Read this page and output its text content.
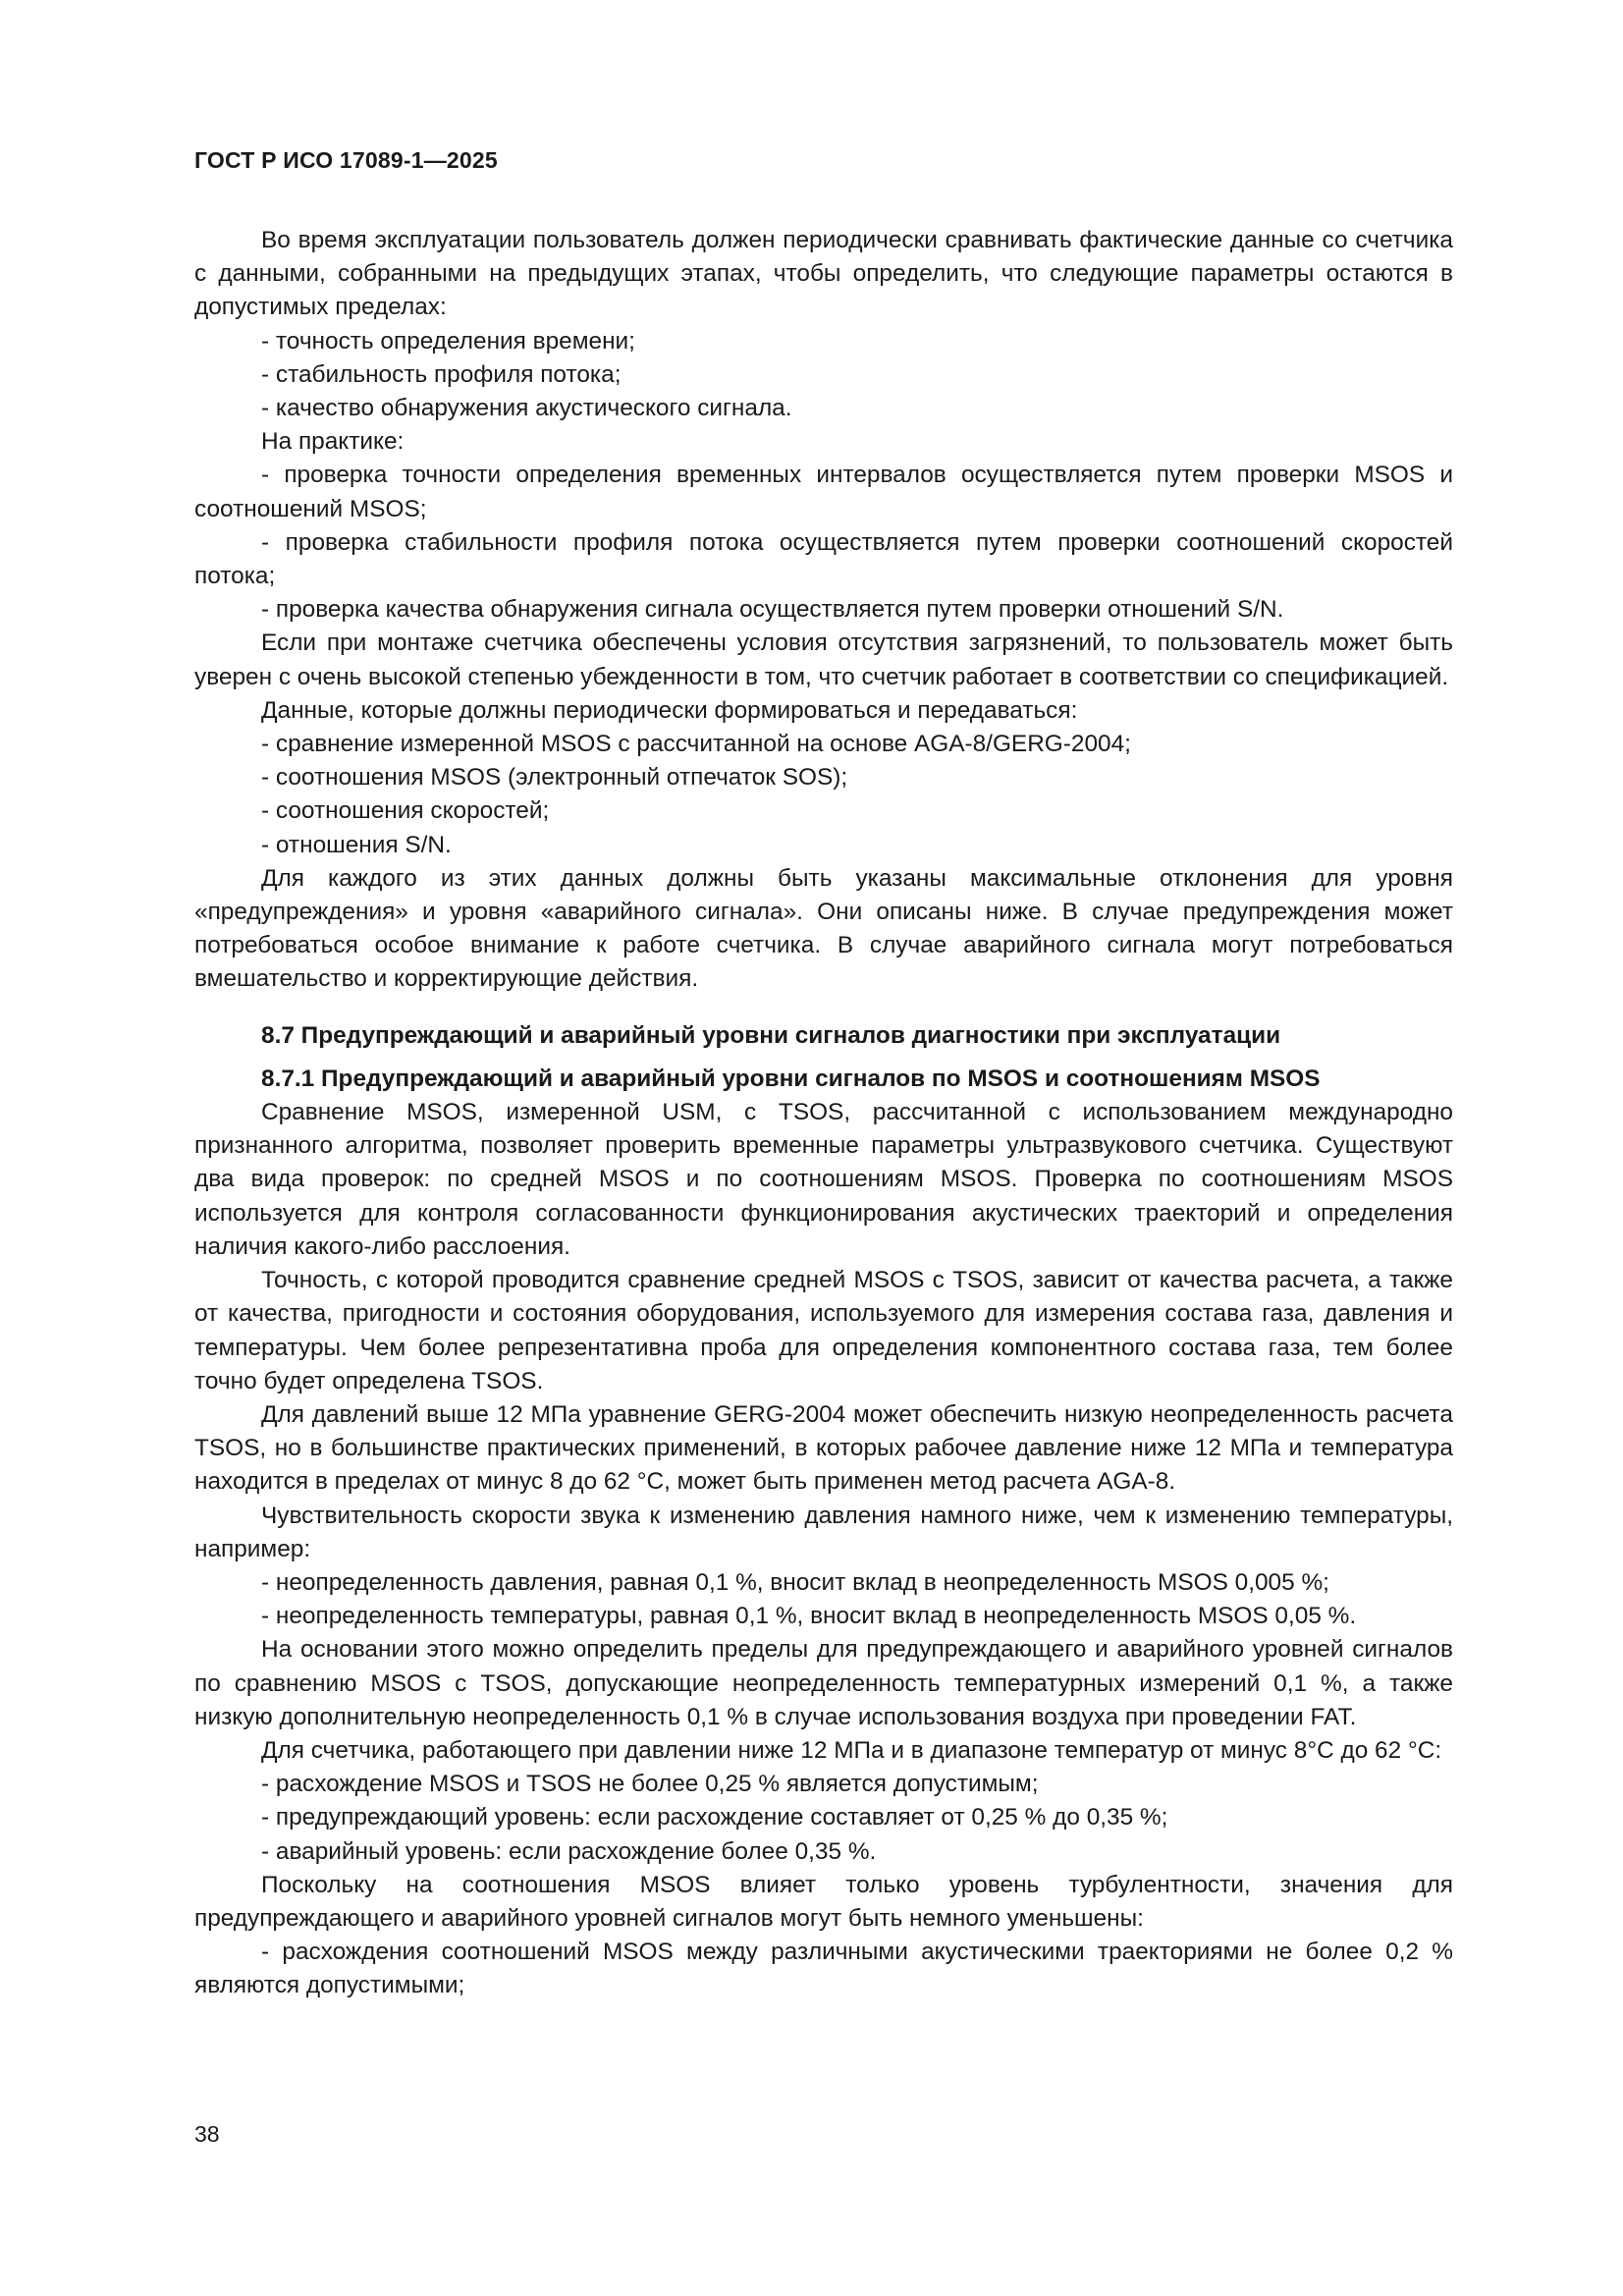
ГОСТ Р ИСО 17089-1—2025

Во время эксплуатации пользователь должен периодически сравнивать фактические данные со счетчика с данными, собранными на предыдущих этапах, чтобы определить, что следующие параметры остаются в допустимых пределах:

- точность определения времени;

- стабильность профиля потока;

- качество обнаружения акустического сигнала.

На практике:

- проверка точности определения временных интервалов осуществляется путем проверки MSOS и соотношений MSOS;

- проверка стабильности профиля потока осуществляется путем проверки соотношений скоростей потока;

- проверка качества обнаружения сигнала осуществляется путем проверки отношений S/N.

Если при монтаже счетчика обеспечены условия отсутствия загрязнений, то пользователь может быть уверен с очень высокой степенью убежденности в том, что счетчик работает в соответствии со спецификацией.

Данные, которые должны периодически формироваться и передаваться:

- сравнение измеренной MSOS с рассчитанной на основе AGA-8/GERG-2004;

- соотношения MSOS (электронный отпечаток SOS);

- соотношения скоростей;

- отношения S/N.

Для каждого из этих данных должны быть указаны максимальные отклонения для уровня «предупреждения» и уровня «аварийного сигнала». Они описаны ниже. В случае предупреждения может потребоваться особое внимание к работе счетчика. В случае аварийного сигнала могут потребоваться вмешательство и корректирующие действия.

8.7 Предупреждающий и аварийный уровни сигналов диагностики при эксплуатации

8.7.1 Предупреждающий и аварийный уровни сигналов по MSOS и соотношениям MSOS

Сравнение MSOS, измеренной USM, с TSOS, рассчитанной с использованием международно признанного алгоритма, позволяет проверить временные параметры ультразвукового счетчика. Существуют два вида проверок: по средней MSOS и по соотношениям MSOS. Проверка по соотношениям MSOS используется для контроля согласованности функционирования акустических траекторий и определения наличия какого-либо расслоения.

Точность, с которой проводится сравнение средней MSOS с TSOS, зависит от качества расчета, а также от качества, пригодности и состояния оборудования, используемого для измерения состава газа, давления и температуры. Чем более репрезентативна проба для определения компонентного состава газа, тем более точно будет определена TSOS.

Для давлений выше 12 МПа уравнение GERG-2004 может обеспечить низкую неопределенность расчета TSOS, но в большинстве практических применений, в которых рабочее давление ниже 12 МПа и температура находится в пределах от минус 8 до 62 °С, может быть применен метод расчета AGA-8.

Чувствительность скорости звука к изменению давления намного ниже, чем к изменению температуры, например:

- неопределенность давления, равная 0,1 %, вносит вклад в неопределенность MSOS 0,005 %;

- неопределенность температуры, равная 0,1 %, вносит вклад в неопределенность MSOS 0,05 %.

На основании этого можно определить пределы для предупреждающего и аварийного уровней сигналов по сравнению MSOS с TSOS, допускающие неопределенность температурных измерений 0,1 %, а также низкую дополнительную неопределенность 0,1 % в случае использования воздуха при проведении FAT.

Для счетчика, работающего при давлении ниже 12 МПа и в диапазоне температур от минус 8°С до 62 °С:

- расхождение MSOS и TSOS не более 0,25 % является допустимым;

- предупреждающий уровень: если расхождение составляет от 0,25 % до 0,35 %;

- аварийный уровень: если расхождение более 0,35 %.

Поскольку на соотношения MSOS влияет только уровень турбулентности, значения для предупреждающего и аварийного уровней сигналов могут быть немного уменьшены:

- расхождения соотношений MSOS между различными акустическими траекториями не более 0,2 % являются допустимыми;

38
